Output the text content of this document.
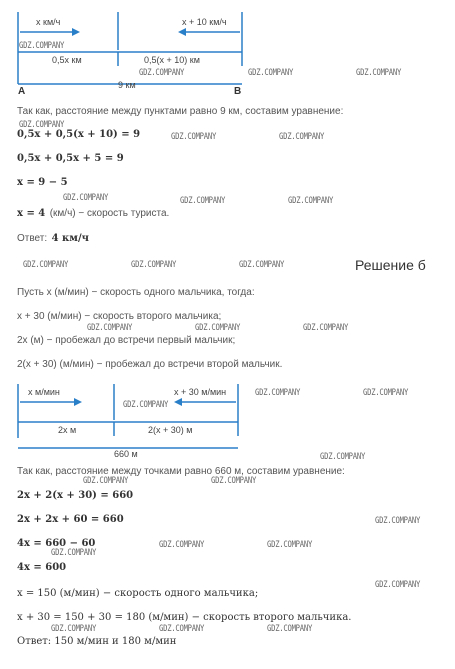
x км/ч	x + 10 км/ч
0,5x км	0,5(x + 10) км
9 км
A	B
Так как, расстояние между пунктами равно 9 км, составим уравнение:
0,5x + 0,5(x + 10) = 9
0,5x + 0,5x + 5 = 9
x = 9 − 5
x = 4 (км/ч) − скорость туриста.
Ответ: 4 км/ч
Решение б
Пусть x (м/мин) − скорость одного мальчика, тогда:
x + 30 (м/мин) − скорость второго мальчика;
2x (м) − пробежал до встречи первый мальчик;
2(x + 30) (м/мин) − пробежал до встречи второй мальчик.
x м/мин	x + 30 м/мин
2x м	2(x + 30) м
660 м
Так как, расстояние между точками равно 660 м, составим уравнение:
2x + 2(x + 30) = 660
2x + 2x + 60 = 660
4x = 660 − 60
4x = 600
x = 150 (м/мин) − скорость одного мальчика;
x + 30 = 150 + 30 = 180 (м/мин) − скорость второго мальчика.
Ответ: 150 м/мин и 180 м/мин
GDZ.COMPANY
GDZ.COMPANY	GDZ.COMPANY	GDZ.COMPANY
GDZ.COMPANY
GDZ.COMPANY	GDZ.COMPANY
GDZ.COMPANY	GDZ.COMPANY	GDZ.COMPANY
GDZ.COMPANY	GDZ.COMPANY	GDZ.COMPANY
GDZ.COMPANY	GDZ.COMPANY	GDZ.COMPANY
GDZ.COMPANY	GDZ.COMPANY
GDZ.COMPANY
GDZ.COMPANY
GDZ.COMPANY	GDZ.COMPANY
GDZ.COMPANY
GDZ.COMPANY	GDZ.COMPANY
GDZ.COMPANY
GDZ.COMPANY
GDZ.COMPANY	GDZ.COMPANY	GDZ.COMPANY
